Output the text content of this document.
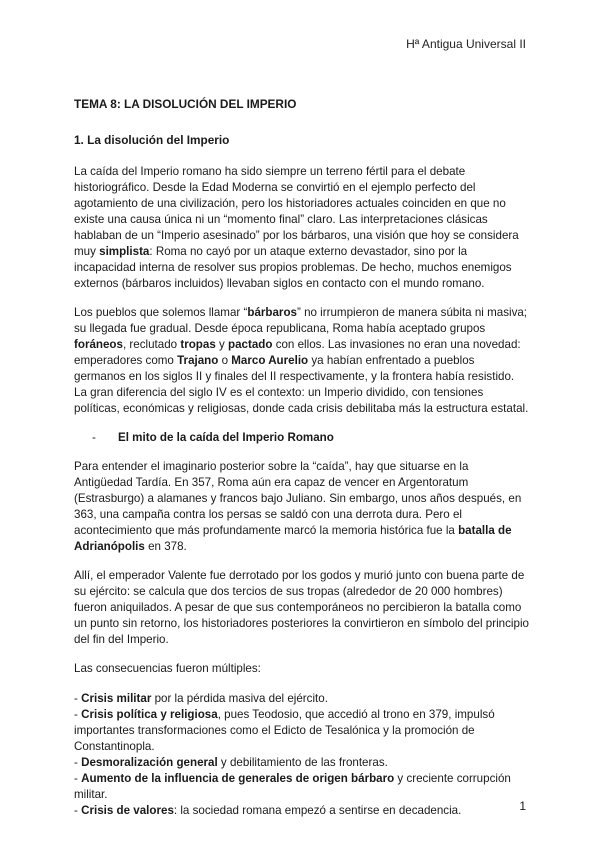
Hª Antigua Universal II
TEMA 8: LA DISOLUCIÓN DEL IMPERIO
1. La disolución del Imperio

La caída del Imperio romano ha sido siempre un terreno fértil para el debate historiográfico. Desde la Edad Moderna se convirtió en el ejemplo perfecto del agotamiento de una civilización, pero los historiadores actuales coinciden en que no existe una causa única ni un “momento final” claro. Las interpretaciones clásicas hablaban de un “Imperio asesinado” por los bárbaros, una visión que hoy se considera muy simplista: Roma no cayó por un ataque externo devastador, sino por la incapacidad interna de resolver sus propios problemas. De hecho, muchos enemigos externos (bárbaros incluidos) llevaban siglos en contacto con el mundo romano.

Los pueblos que solemos llamar “bárbaros” no irrumpieron de manera súbita ni masiva; su llegada fue gradual. Desde época republicana, Roma había aceptado grupos foráneos, reclutado tropas y pactado con ellos. Las invasiones no eran una novedad: emperadores como Trajano o Marco Aurelio ya habían enfrentado a pueblos germanos en los siglos II y finales del II respectivamente, y la frontera había resistido. La gran diferencia del siglo IV es el contexto: un Imperio dividido, con tensiones políticas, económicas y religiosas, donde cada crisis debilitaba más la estructura estatal.

- El mito de la caída del Imperio Romano

Para entender el imaginario posterior sobre la “caída”, hay que situarse en la Antigüedad Tardía. En 357, Roma aún era capaz de vencer en Argentoratum (Estrasburgo) a alamanes y francos bajo Juliano. Sin embargo, unos años después, en 363, una campaña contra los persas se saldó con una derrota dura. Pero el acontecimiento que más profundamente marcó la memoria histórica fue la batalla de Adrianópolis en 378.

Allí, el emperador Valente fue derrotado por los godos y murió junto con buena parte de su ejército: se calcula que dos tercios de sus tropas (alrededor de 20 000 hombres) fueron aniquilados. A pesar de que sus contemporáneos no percibieron la batalla como un punto sin retorno, los historiadores posteriores la convirtieron en símbolo del principio del fin del Imperio.

Las consecuencias fueron múltiples:

- Crisis militar por la pérdida masiva del ejército.
- Crisis política y religiosa, pues Teodosio, que accedió al trono en 379, impulsó importantes transformaciones como el Edicto de Tesalónica y la promoción de Constantinopla.
- Desmoralización general y debilitamiento de las fronteras.
- Aumento de la influencia de generales de origen bárbaro y creciente corrupción militar.
- Crisis de valores: la sociedad romana empezó a sentirse en decadencia.	1
